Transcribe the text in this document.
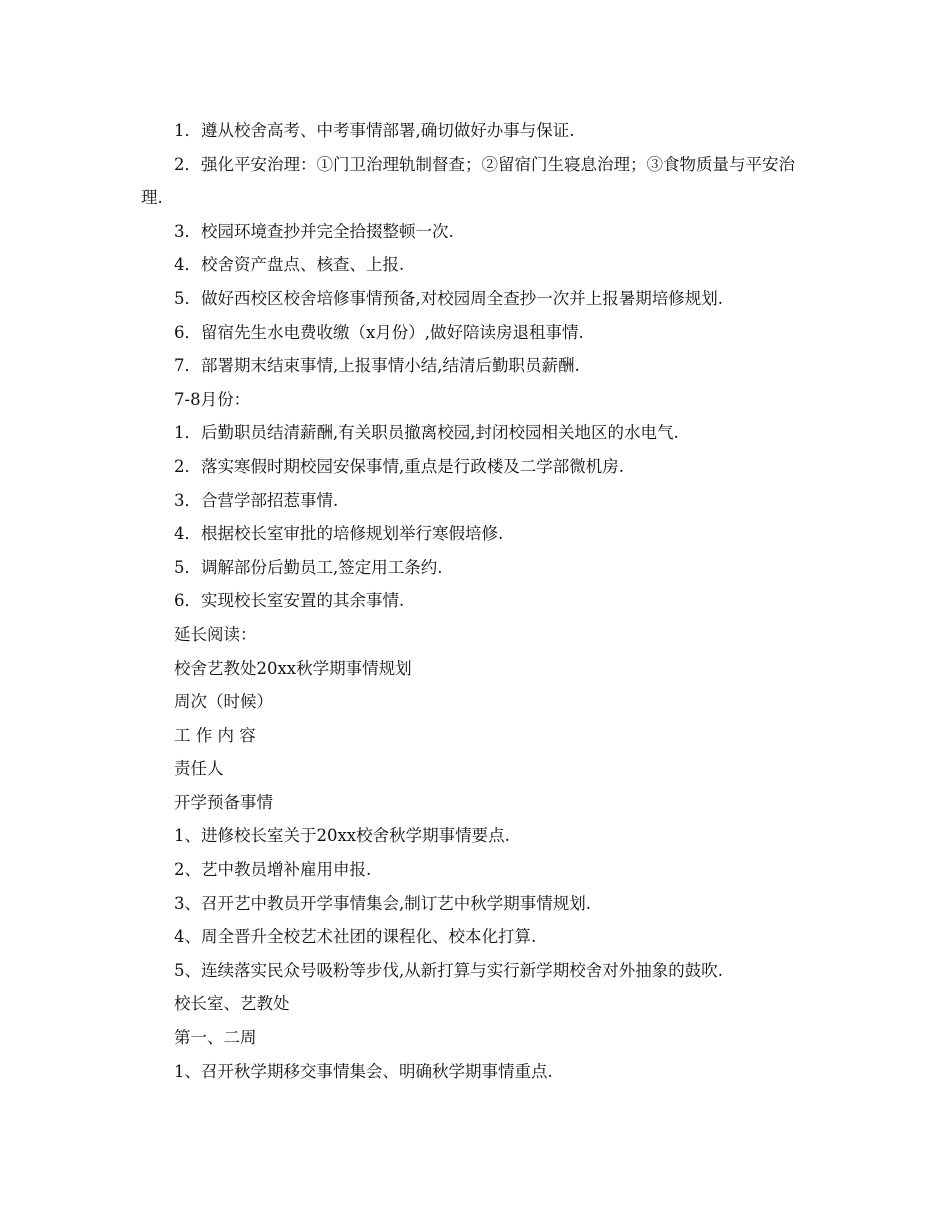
1．遵从校舍高考、中考事情部署,确切做好办事与保证.

2．强化平安治理：①门卫治理轨制督查；②留宿门生寝息治理；③食物质量与平安治理.

3．校园环境查抄并完全拾掇整顿一次.

4．校舍资产盘点、核查、上报.

5．做好西校区校舍培修事情预备,对校园周全查抄一次并上报暑期培修规划.

6．留宿先生水电费收缴（x月份）,做好陪读房退租事情.

7．部署期末结束事情,上报事情小结,结清后勤职员薪酬.

7-8月份：

1．后勤职员结清薪酬,有关职员撤离校园,封闭校园相关地区的水电气.

2．落实寒假时期校园安保事情,重点是行政楼及二学部微机房.

3．合营学部招惹事情.

4．根据校长室审批的培修规划举行寒假培修.

5．调解部份后勤员工,签定用工条约.

6．实现校长室安置的其余事情.

延长阅读：

校舍艺教处20xx秋学期事情规划

周次（时候）

工 作 内 容

责任人

开学预备事情

1、进修校长室关于20xx校舍秋学期事情要点.

2、艺中教员增补雇用申报.

3、召开艺中教员开学事情集会,制订艺中秋学期事情规划.

4、周全晋升全校艺术社团的课程化、校本化打算.

5、连续落实民众号吸粉等步伐,从新打算与实行新学期校舍对外抽象的鼓吹.

校长室、艺教处

第一、二周

1、召开秋学期移交事情集会、明确秋学期事情重点.
